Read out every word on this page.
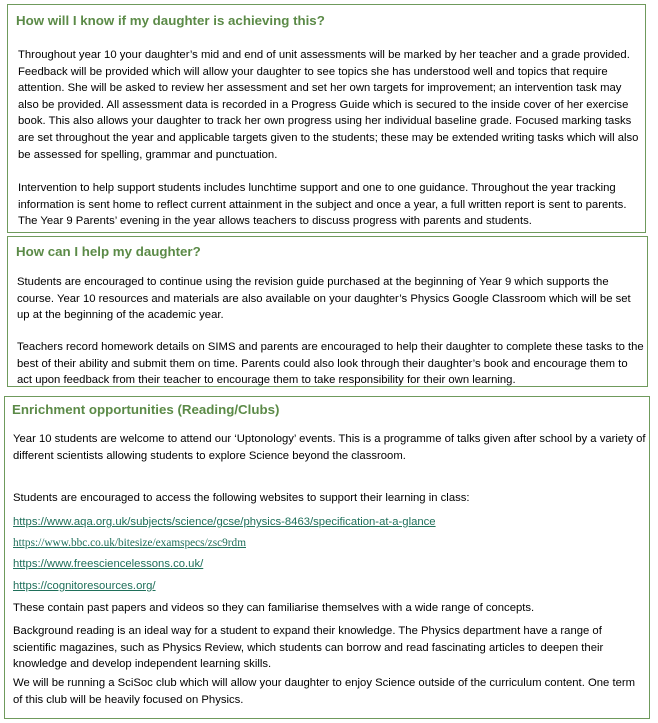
How will I know if my daughter is achieving this?

Throughout year 10 your daughter’s mid and end of unit assessments will be marked by her teacher and a grade provided. Feedback will be provided which will allow your daughter to see topics she has understood well and topics that require attention. She will be asked to review her assessment and set her own targets for improvement; an intervention task may also be provided. All assessment data is recorded in a Progress Guide which is secured to the inside cover of her exercise book. This also allows your daughter to track her own progress using her individual baseline grade. Focused marking tasks are set throughout the year and applicable targets given to the students; these may be extended writing tasks which will also be assessed for spelling, grammar and punctuation.

Intervention to help support students includes lunchtime support and one to one guidance. Throughout the year tracking information is sent home to reflect current attainment in the subject and once a year, a full written report is sent to parents. The Year 9 Parents’ evening in the year allows teachers to discuss progress with parents and students.

How can I help my daughter?

Students are encouraged to continue using the revision guide purchased at the beginning of Year 9 which supports the course. Year 10 resources and materials are also available on your daughter’s Physics Google Classroom which will be set up at the beginning of the academic year.

Teachers record homework details on SIMS and parents are encouraged to help their daughter to complete these tasks to the best of their ability and submit them on time. Parents could also look through their daughter’s book and encourage them to act upon feedback from their teacher to encourage them to take responsibility for their own learning.

Enrichment opportunities (Reading/Clubs)

Year 10 students are welcome to attend our ‘Uptonology’ events. This is a programme of talks given after school by a variety of different scientists allowing students to explore Science beyond the classroom.

Students are encouraged to access the following websites to support their learning in class:

https://www.aqa.org.uk/subjects/science/gcse/physics-8463/specification-at-a-glance
https://www.bbc.co.uk/bitesize/examspecs/zsc9rdm
https://www.freesciencelessons.co.uk/
https://cognitoresources.org/

These contain past papers and videos so they can familiarise themselves with a wide range of concepts.

Background reading is an ideal way for a student to expand their knowledge. The Physics department have a range of scientific magazines, such as Physics Review, which students can borrow and read fascinating articles to deepen their knowledge and develop independent learning skills.

We will be running a SciSoc club which will allow your daughter to enjoy Science outside of the curriculum content. One term of this club will be heavily focused on Physics.
